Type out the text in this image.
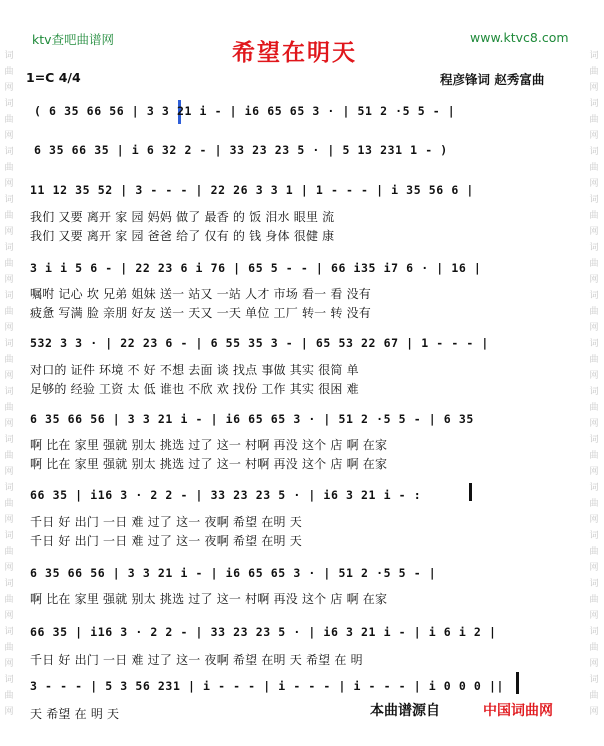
ktv查吧曲谱网	www.ktvc8.com
希望在明天
1=C 4/4	程彦锋词 赵秀富曲
词曲网词曲网词曲网词曲网词曲网词曲网词曲网词曲网词曲网词曲网词曲网词曲网词曲网词曲网
词曲网词曲网词曲网词曲网词曲网词曲网词曲网词曲网词曲网词曲网词曲网词曲网词曲网词曲网
( 6 35 66 56 | 3 3 21 i - | i6 65 65 3 · | 51 2 ·5 5 - |
6 35 66 35 | i 6 32 2 - | 33 23 23 5 · | 5 13 231 1 - )
11 12 35 52 | 3 - - - | 22 26 3 3 1 | 1 - - - | i 35 56 6 |
我们 又要 离开 家 园 妈妈 做了 最香 的 饭 泪水 眼里 流
我们 又要 离开 家 园 爸爸 给了 仅有 的 钱 身体 很健 康
3 i i 5 6 - | 22 23 6 i 76 | 65 5 - - | 66 i35 i7 6 · | 16 |
嘱咐 记心 坎 兄弟 姐妹 送一 站又 一站 人才 市场 看一 看 没有
疲惫 写满 脸 亲朋 好友 送一 天又 一天 单位 工厂 转一 转 没有
532 3 3 · | 22 23 6 - | 6 55 35 3 - | 65 53 22 67 | 1 - - - |
对口的 证件 环境 不 好 不想 去面 谈 找点 事做 其实 很简 单
足够的 经验 工资 太 低 谁也 不欣 欢 找份 工作 其实 很困 难
6 35 66 56 | 3 3 21 i - | i6 65 65 3 · | 51 2 ·5 5 - | 6 35
啊 比在 家里 强就 别太 挑选 过了 这一 村啊 再没 这个 店 啊 在家
啊 比在 家里 强就 别太 挑选 过了 这一 村啊 再没 这个 店 啊 在家
66 35 | i16 3 · 2 2 - | 33 23 23 5 · | i6 3 21 i - :
千日 好 出门 一日 难 过了 这一 夜啊 希望 在明 天
千日 好 出门 一日 难 过了 这一 夜啊 希望 在明 天
6 35 66 56 | 3 3 21 i - | i6 65 65 3 · | 51 2 ·5 5 - |
啊 比在 家里 强就 别太 挑选 过了 这一 村啊 再没 这个 店 啊 在家
66 35 | i16 3 · 2 2 - | 33 23 23 5 · | i6 3 21 i - | i 6 i 2 |
千日 好 出门 一日 难 过了 这一 夜啊 希望 在明 天 希望 在 明
3 - - - | 5 3 56 231 | i - - - | i - - - | i - - - | i 0 0 0 ||
天 希望 在 明 天	本曲谱源自	中国词曲网
